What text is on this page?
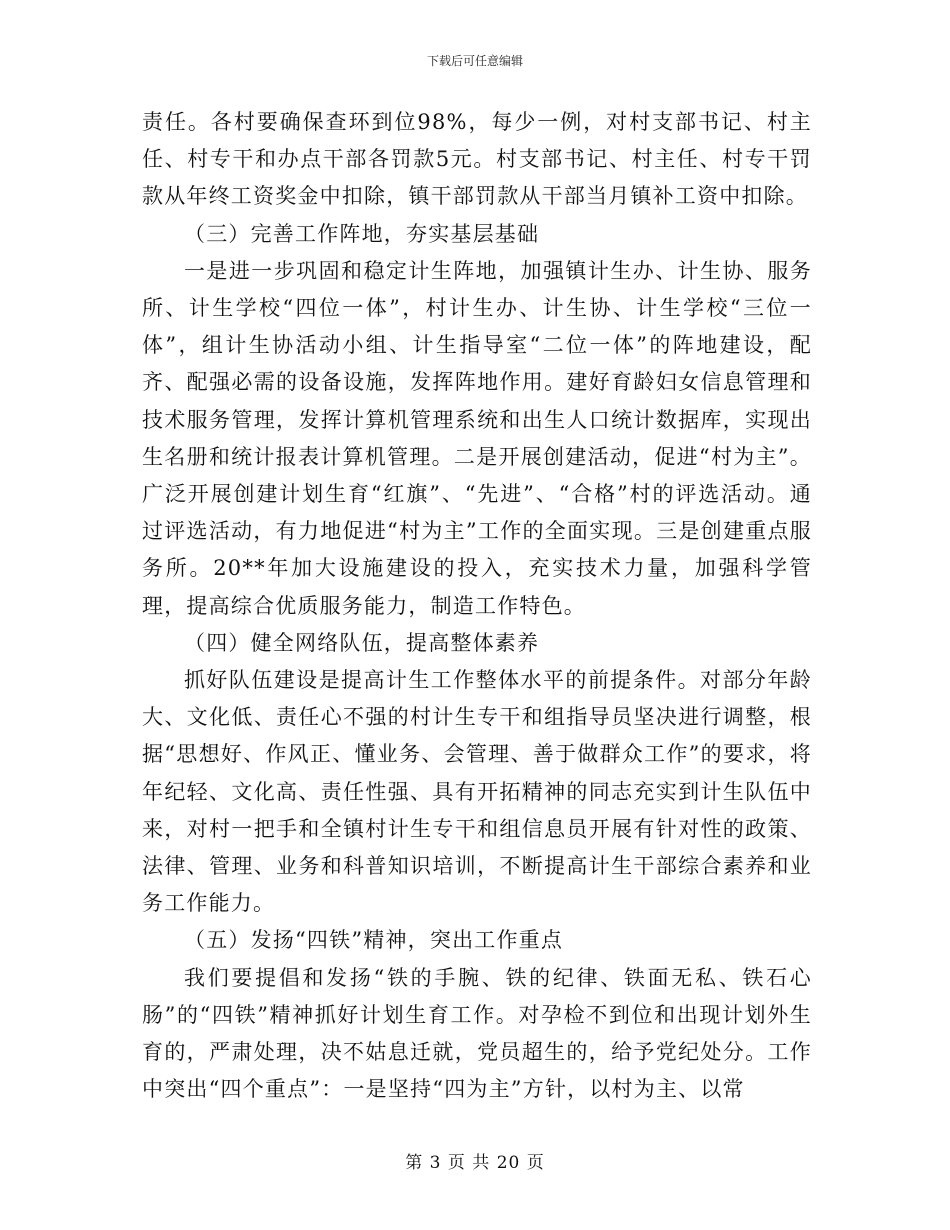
下载后可任意编辑

责任。各村要确保查环到位98%，每少一例，对村支部书记、村主任、村专干和办点干部各罚款5元。村支部书记、村主任、村专干罚款从年终工资奖金中扣除，镇干部罚款从干部当月镇补工资中扣除。

（三）完善工作阵地，夯实基层基础

一是进一步巩固和稳定计生阵地，加强镇计生办、计生协、服务所、计生学校“四位一体”，村计生办、计生协、计生学校“三位一体”，组计生协活动小组、计生指导室“二位一体”的阵地建设，配齐、配强必需的设备设施，发挥阵地作用。建好育龄妇女信息管理和技术服务管理，发挥计算机管理系统和出生人口统计数据库，实现出生名册和统计报表计算机管理。二是开展创建活动，促进“村为主”。广泛开展创建计划生育“红旗”、“先进”、“合格”村的评选活动。通过评选活动，有力地促进“村为主”工作的全面实现。三是创建重点服务所。20**年加大设施建设的投入，充实技术力量，加强科学管理，提高综合优质服务能力，制造工作特色。

（四）健全网络队伍，提高整体素养

抓好队伍建设是提高计生工作整体水平的前提条件。对部分年龄大、文化低、责任心不强的村计生专干和组指导员坚决进行调整，根据“思想好、作风正、懂业务、会管理、善于做群众工作”的要求，将年纪轻、文化高、责任性强、具有开拓精神的同志充实到计生队伍中来，对村一把手和全镇村计生专干和组信息员开展有针对性的政策、法律、管理、业务和科普知识培训，不断提高计生干部综合素养和业务工作能力。

（五）发扬“四铁”精神，突出工作重点

我们要提倡和发扬“铁的手腕、铁的纪律、铁面无私、铁石心肠”的“四铁”精神抓好计划生育工作。对孕检不到位和出现计划外生育的，严肃处理，决不姑息迁就，党员超生的，给予党纪处分。工作中突出“四个重点”：一是坚持“四为主”方针，以村为主、以常

第 3 页 共 20 页
